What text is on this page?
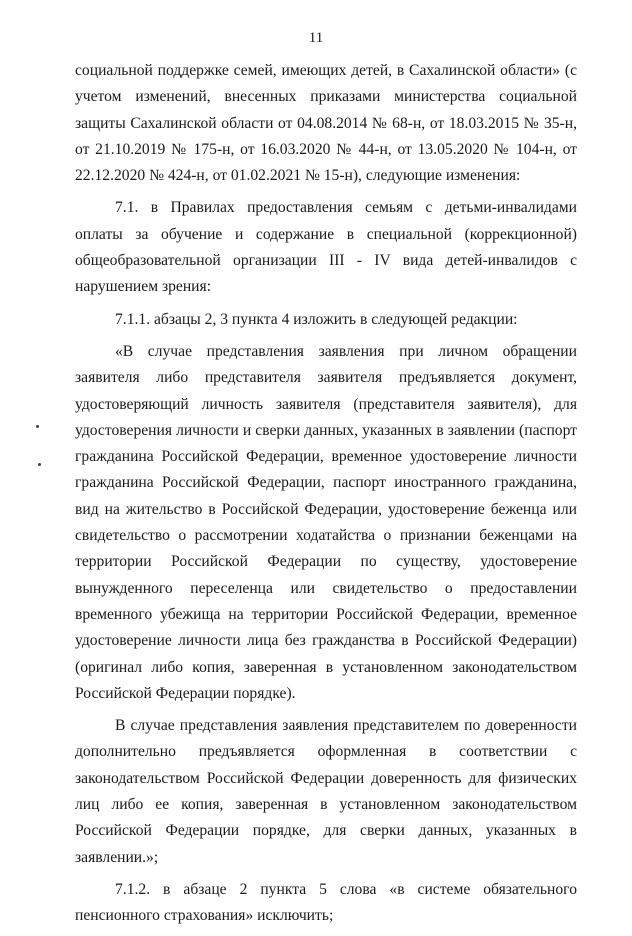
11

социальной поддержке семей, имеющих детей, в Сахалинской области» (с учетом изменений, внесенных приказами министерства социальной защиты Сахалинской области от 04.08.2014 № 68-н, от 18.03.2015 № 35-н, от 21.10.2019 № 175-н, от 16.03.2020 № 44-н, от 13.05.2020 № 104-н, от 22.12.2020 № 424-н, от 01.02.2021 № 15-н), следующие изменения:

7.1. в Правилах предоставления семьям с детьми-инвалидами оплаты за обучение и содержание в специальной (коррекционной) общеобразовательной организации III - IV вида детей-инвалидов с нарушением зрения:

7.1.1. абзацы 2, 3 пункта 4 изложить в следующей редакции:

«В случае представления заявления при личном обращении заявителя либо представителя заявителя предъявляется документ, удостоверяющий личность заявителя (представителя заявителя), для удостоверения личности и сверки данных, указанных в заявлении (паспорт гражданина Российской Федерации, временное удостоверение личности гражданина Российской Федерации, паспорт иностранного гражданина, вид на жительство в Российской Федерации, удостоверение беженца или свидетельство о рассмотрении ходатайства о признании беженцами на территории Российской Федерации по существу, удостоверение вынужденного переселенца или свидетельство о предоставлении временного убежища на территории Российской Федерации, временное удостоверение личности лица без гражданства в Российской Федерации) (оригинал либо копия, заверенная в установленном законодательством Российской Федерации порядке).

В случае представления заявления представителем по доверенности дополнительно предъявляется оформленная в соответствии с законодательством Российской Федерации доверенность для физических лиц либо ее копия, заверенная в установленном законодательством Российской Федерации порядке, для сверки данных, указанных в заявлении.»;

7.1.2. в абзаце 2 пункта 5 слова «в системе обязательного пенсионного страхования» исключить;
